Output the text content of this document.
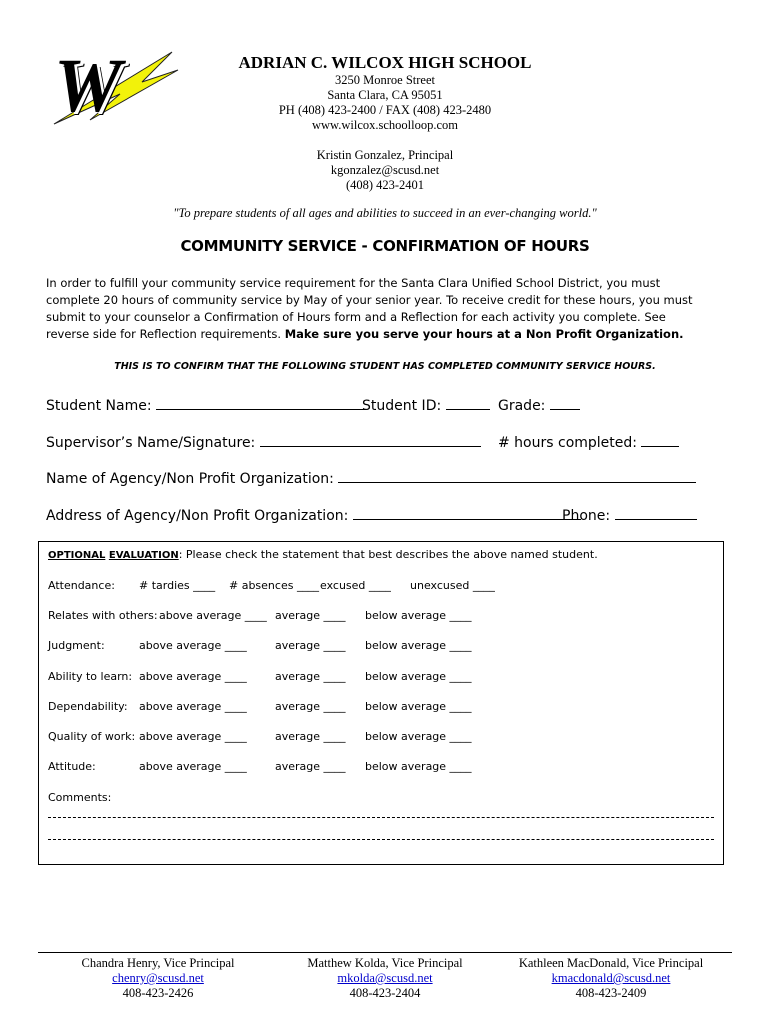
W	ADRIAN C. WILCOX HIGH SCHOOL
3250 Monroe Street
Santa Clara, CA 95051
PH (408) 423-2400 / FAX (408) 423-2480
www.wilcox.schoolloop.com
Kristin Gonzalez, Principal
kgonzalez@scusd.net
(408) 423-2401
"To prepare students of all ages and abilities to succeed in an ever-changing world."
COMMUNITY SERVICE - CONFIRMATION OF HOURS
In order to fulfill your community service requirement for the Santa Clara Unified School District, you must
complete 20 hours of community service by May of your senior year. To receive credit for these hours, you must
submit to your counselor a Confirmation of Hours form and a Reflection for each activity you complete. See
reverse side for Reflection requirements. Make sure you serve your hours at a Non Profit Organization.
THIS IS TO CONFIRM THAT THE FOLLOWING STUDENT HAS COMPLETED COMMUNITY SERVICE HOURS.
Student Name:	Student ID:	Grade:
Supervisor’s Name/Signature:	# hours completed:
Name of Agency/Non Profit Organization:
Address of Agency/Non Profit Organization:	Phone:
OPTIONAL EVALUATION: Please check the statement that best describes the above named student.
Attendance: # tardies ____ # absences ____ excused ____ unexcused ____
Relates with others: above average ____ average ____ below average ____
Judgment:	above average ____	average ____ below average ____
Ability to learn: above average ____	average ____ below average ____
Dependability: above average ____	average ____ below average ____
Quality of work: above average ____	average ____ below average ____
Attitude:	above average ____	average ____ below average ____
Comments:
Chandra Henry, Vice Principal
chenry@scusd.net
408-423-2426
Matthew Kolda, Vice Principal
mkolda@scusd.net
408-423-2404
Kathleen MacDonald, Vice Principal
kmacdonald@scusd.net
408-423-2409
